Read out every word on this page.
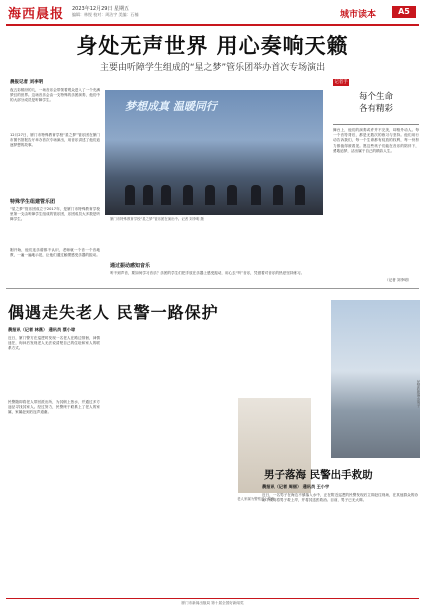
海西晨报 2023年12月29日 星期五
编辑：林悦 校对：周洁宇 美编：石楠	城市读本	A5
身处无声世界 用心奏响天籁
主要由听障学生组成的“星之梦”管乐团举办首次专场演出
晨报记者 刘李明
夜五彩缤纷的几，一场音乐会带领着观众进入了一个充满梦幻的世界。这场音乐会由一支特殊的乐团演奏，他们中的大部分成员是听障学生。
12月27日，厦门市特殊教育学校“星之梦”管乐团在厦门市图书馆报告厅举办首次专场演出，用音乐讲述了他们追逐梦想的故事。
特殊学生组建管乐团
“星之梦”管乐团成立于2017年，是厦门市特殊教育学校里第一支由听障学生组成的管乐团，乐团成员大多数是听障学生。
刚开始，他们连乐谱都不认识，老师就一个音一个音地教，一遍一遍地示范，让他们通过触摸感受乐器的振动。
通过振动感知音乐
听不到声音，要如何学习音乐？乐团的学生们把手放在乐器上感受振动，用心去“听”音乐，凭借着对音乐的热爱坚持练习。
梦想成真 温暖同行
厦门市特殊教育学校“星之梦”管乐团在演出中。记者 刘李明 摄
记者手记
每个生命
各有精彩
舞台上，他们的演奏或许并不完美，却格外动人。每一个音符背后，都是无数次的练习与坚持。他们用行动告诉我们，每一个生命都有绽放的权利，每一份努力都值得被看见。愿这些孩子们能在音乐的陪伴下，勇敢追梦，活出属于自己的精彩人生。
（记者 刘李明）
偶遇走失老人 民警一路保护
晨报讯（记者 林燕） 通讯员 蔡小琼
近日，厦门警方在巡逻时发现一名老人在路边徘徊，神情迷茫，询问后发现老人无法说清楚自己的住址和家人的联系方式。
民警随即将老人带回派出所，为其倒上热水，并通过多方途径寻找其家人。经过努力，民警终于联系上了老人的家属，家属赶到后连声道谢。
老人家属为警察送上锦旗。
民警救助落水男子
男子落海 民警出手救助
晨报讯（记者 周丽） 通讯员 王小宇
近日，一名男子在海边不慎落入水中，正在附近巡逻的民警发现后立即赶往现场，在其他群众的协助下成功将男子救上岸，并将其送医救治。目前，男子已无大碍。
厦门市新闻出版局 第十届全国好新闻奖
